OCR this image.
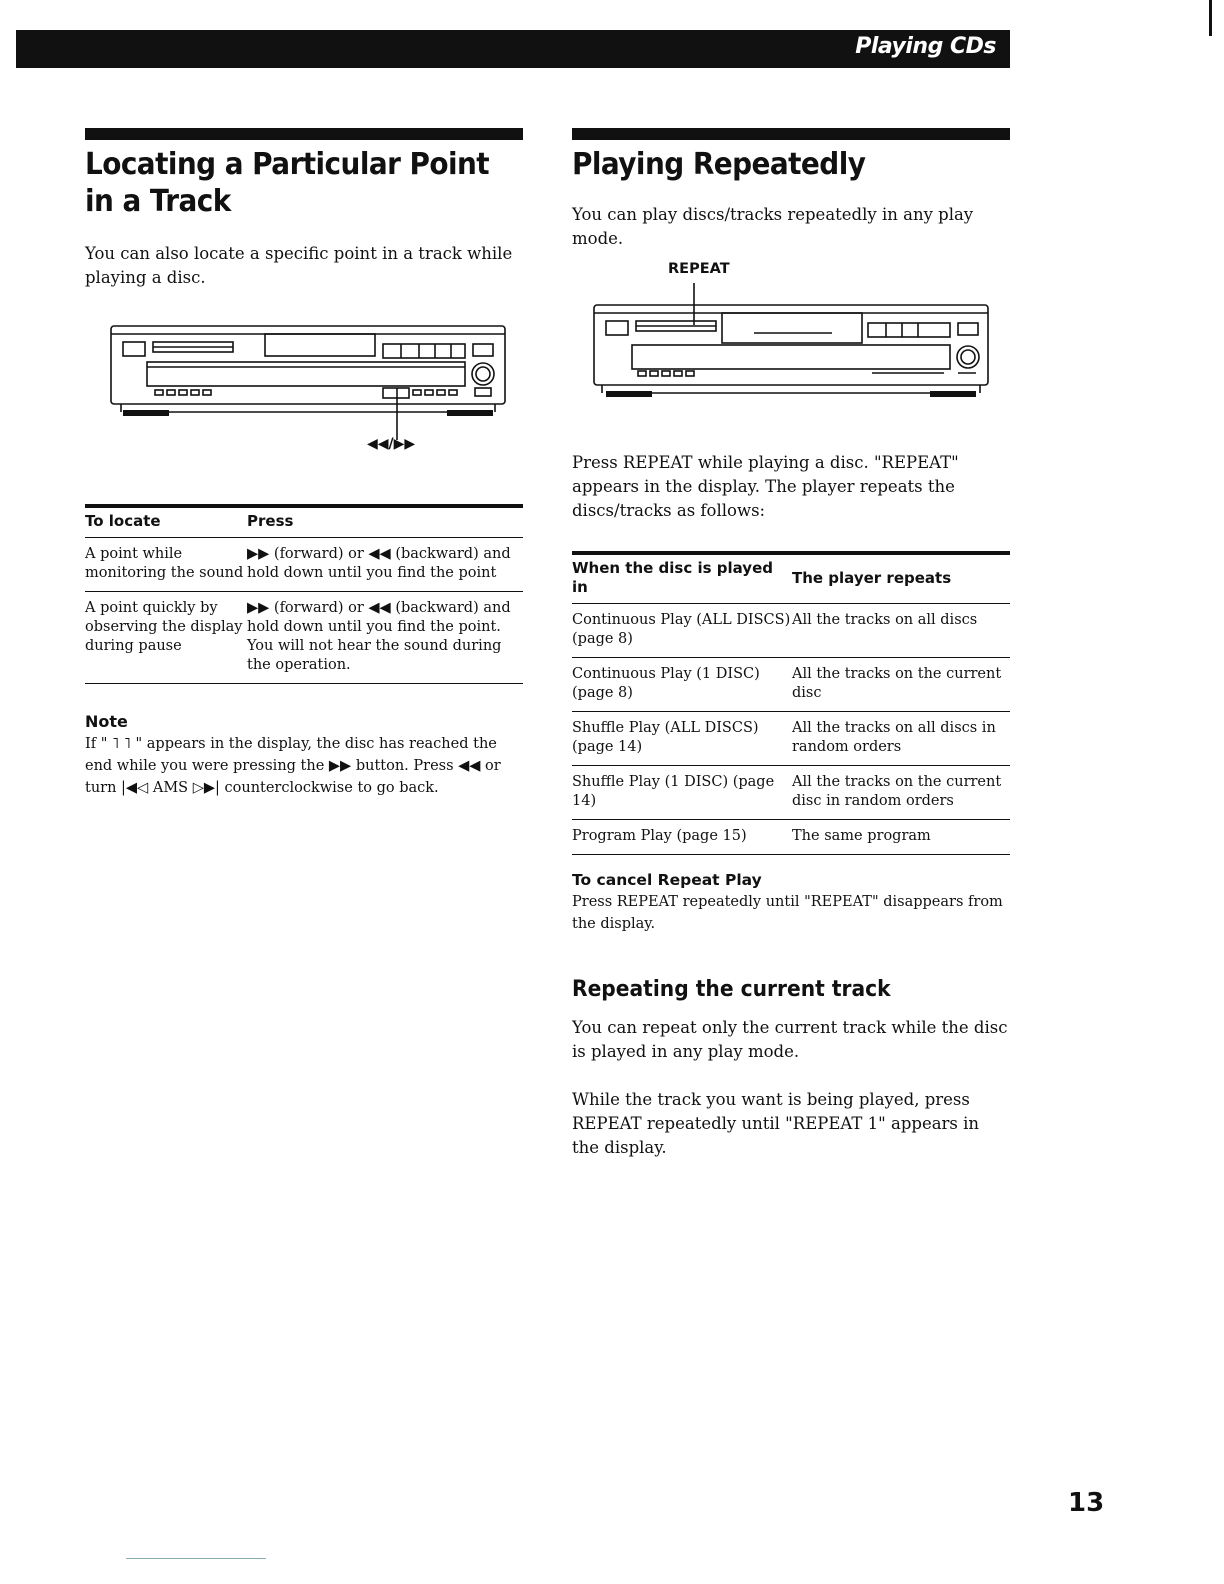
Playing CDs
Locating a Particular Point in a Track

You can also locate a specific point in a track while playing a disc.

◀◀/▶▶
To locate	Press
A point while monitoring the sound	▶▶ (forward) or ◀◀ (backward) and hold down until you find the point
A point quickly by observing the display during pause	▶▶ (forward) or ◀◀ (backward) and hold down until you find the point. You will not hear the sound during the operation.
Note

If " ˥ ˥ " appears in the display, the disc has reached the end while you were pressing the ▶▶ button. Press ◀◀ or turn |◀◁ AMS ▷▶| counterclockwise to go back.

Playing Repeatedly

You can play discs/tracks repeatedly in any play mode.

REPEAT

Press REPEAT while playing a disc. "REPEAT" appears in the display. The player repeats the discs/tracks as follows:

When the disc is played in	The player repeats
Continuous Play (ALL DISCS) (page 8)	All the tracks on all discs
Continuous Play (1 DISC) (page 8)	All the tracks on the current disc
Shuffle Play (ALL DISCS) (page 14)	All the tracks on all discs in random orders
Shuffle Play (1 DISC) (page 14)	All the tracks on the current disc in random orders
Program Play (page 15)	The same program
To cancel Repeat Play

Press REPEAT repeatedly until "REPEAT" disappears from the display.

Repeating the current track

You can repeat only the current track while the disc is played in any play mode.

While the track you want is being played, press REPEAT repeatedly until "REPEAT 1" appears in the display.

13
